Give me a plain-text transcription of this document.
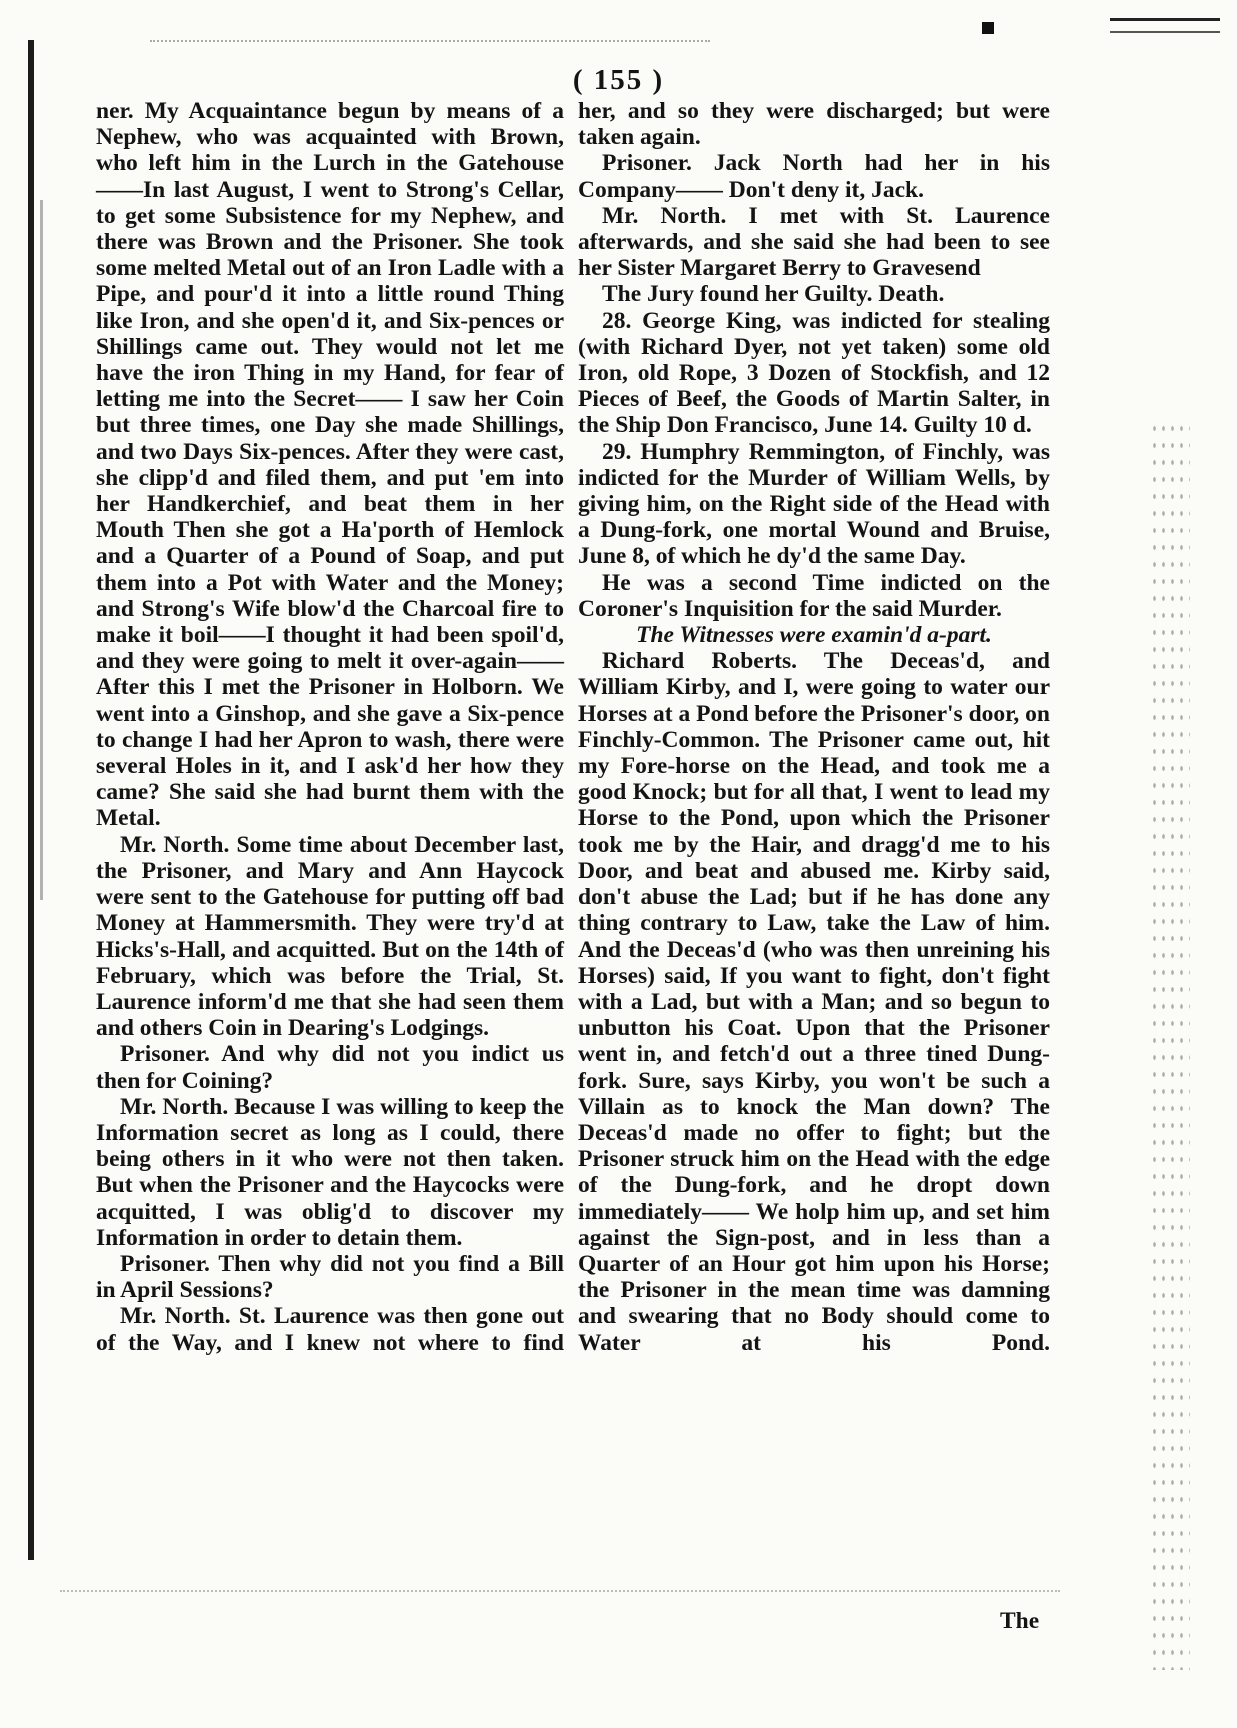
( 155 )

ner. My Acquaintance begun by means of a Nephew, who was acquainted with Brown, who left him in the Lurch in the Gatehouse ——In last August, I went to Strong's Cellar, to get some Subsistence for my Nephew, and there was Brown and the Prisoner. She took some melted Metal out of an Iron Ladle with a Pipe, and pour'd it into a little round Thing like Iron, and she open'd it, and Six-pences or Shillings came out. They would not let me have the iron Thing in my Hand, for fear of letting me into the Secret—— I saw her Coin but three times, one Day she made Shillings, and two Days Six-pences. After they were cast, she clipp'd and filed them, and put 'em into her Handkerchief, and beat them in her Mouth Then she got a Ha'porth of Hemlock and a Quarter of a Pound of Soap, and put them into a Pot with Water and the Money; and Strong's Wife blow'd the Charcoal fire to make it boil——I thought it had been spoil'd, and they were going to melt it over-again——After this I met the Prisoner in Holborn. We went into a Ginshop, and she gave a Six-pence to change I had her Apron to wash, there were several Holes in it, and I ask'd her how they came? She said she had burnt them with the Metal.

Mr. North. Some time about December last, the Prisoner, and Mary and Ann Haycock were sent to the Gatehouse for putting off bad Money at Hammersmith. They were try'd at Hicks's-Hall, and acquitted. But on the 14th of February, which was before the Trial, St. Laurence inform'd me that she had seen them and others Coin in Dearing's Lodgings.

Prisoner. And why did not you indict us then for Coining?

Mr. North. Because I was willing to keep the Information secret as long as I could, there being others in it who were not then taken. But when the Prisoner and the Haycocks were acquitted, I was oblig'd to discover my Information in order to detain them.

Prisoner. Then why did not you find a Bill in April Sessions?

Mr. North. St. Laurence was then gone out of the Way, and I knew not where to find

her, and so they were discharged; but were taken again.

Prisoner. Jack North had her in his Company—— Don't deny it, Jack.

Mr. North. I met with St. Laurence afterwards, and she said she had been to see her Sister Margaret Berry to Gravesend

The Jury found her Guilty. Death.

28. George King, was indicted for stealing (with Richard Dyer, not yet taken) some old Iron, old Rope, 3 Dozen of Stockfish, and 12 Pieces of Beef, the Goods of Martin Salter, in the Ship Don Francisco, June 14. Guilty 10 d.

29. Humphry Remmington, of Finchly, was indicted for the Murder of William Wells, by giving him, on the Right side of the Head with a Dung-fork, one mortal Wound and Bruise, June 8, of which he dy'd the same Day.

He was a second Time indicted on the Coroner's Inquisition for the said Murder.

The Witnesses were examin'd a-part.

Richard Roberts. The Deceas'd, and William Kirby, and I, were going to water our Horses at a Pond before the Prisoner's door, on Finchly-Common. The Prisoner came out, hit my Fore-horse on the Head, and took me a good Knock; but for all that, I went to lead my Horse to the Pond, upon which the Prisoner took me by the Hair, and dragg'd me to his Door, and beat and abused me. Kirby said, don't abuse the Lad; but if he has done any thing contrary to Law, take the Law of him. And the Deceas'd (who was then unreining his Horses) said, If you want to fight, don't fight with a Lad, but with a Man; and so begun to unbutton his Coat. Upon that the Prisoner went in, and fetch'd out a three tined Dung-fork. Sure, says Kirby, you won't be such a Villain as to knock the Man down? The Deceas'd made no offer to fight; but the Prisoner struck him on the Head with the edge of the Dung-fork, and he dropt down immediately—— We holp him up, and set him against the Sign-post, and in less than a Quarter of an Hour got him upon his Horse; the Prisoner in the mean time was damning and swearing that no Body should come to Water at his Pond.

The
